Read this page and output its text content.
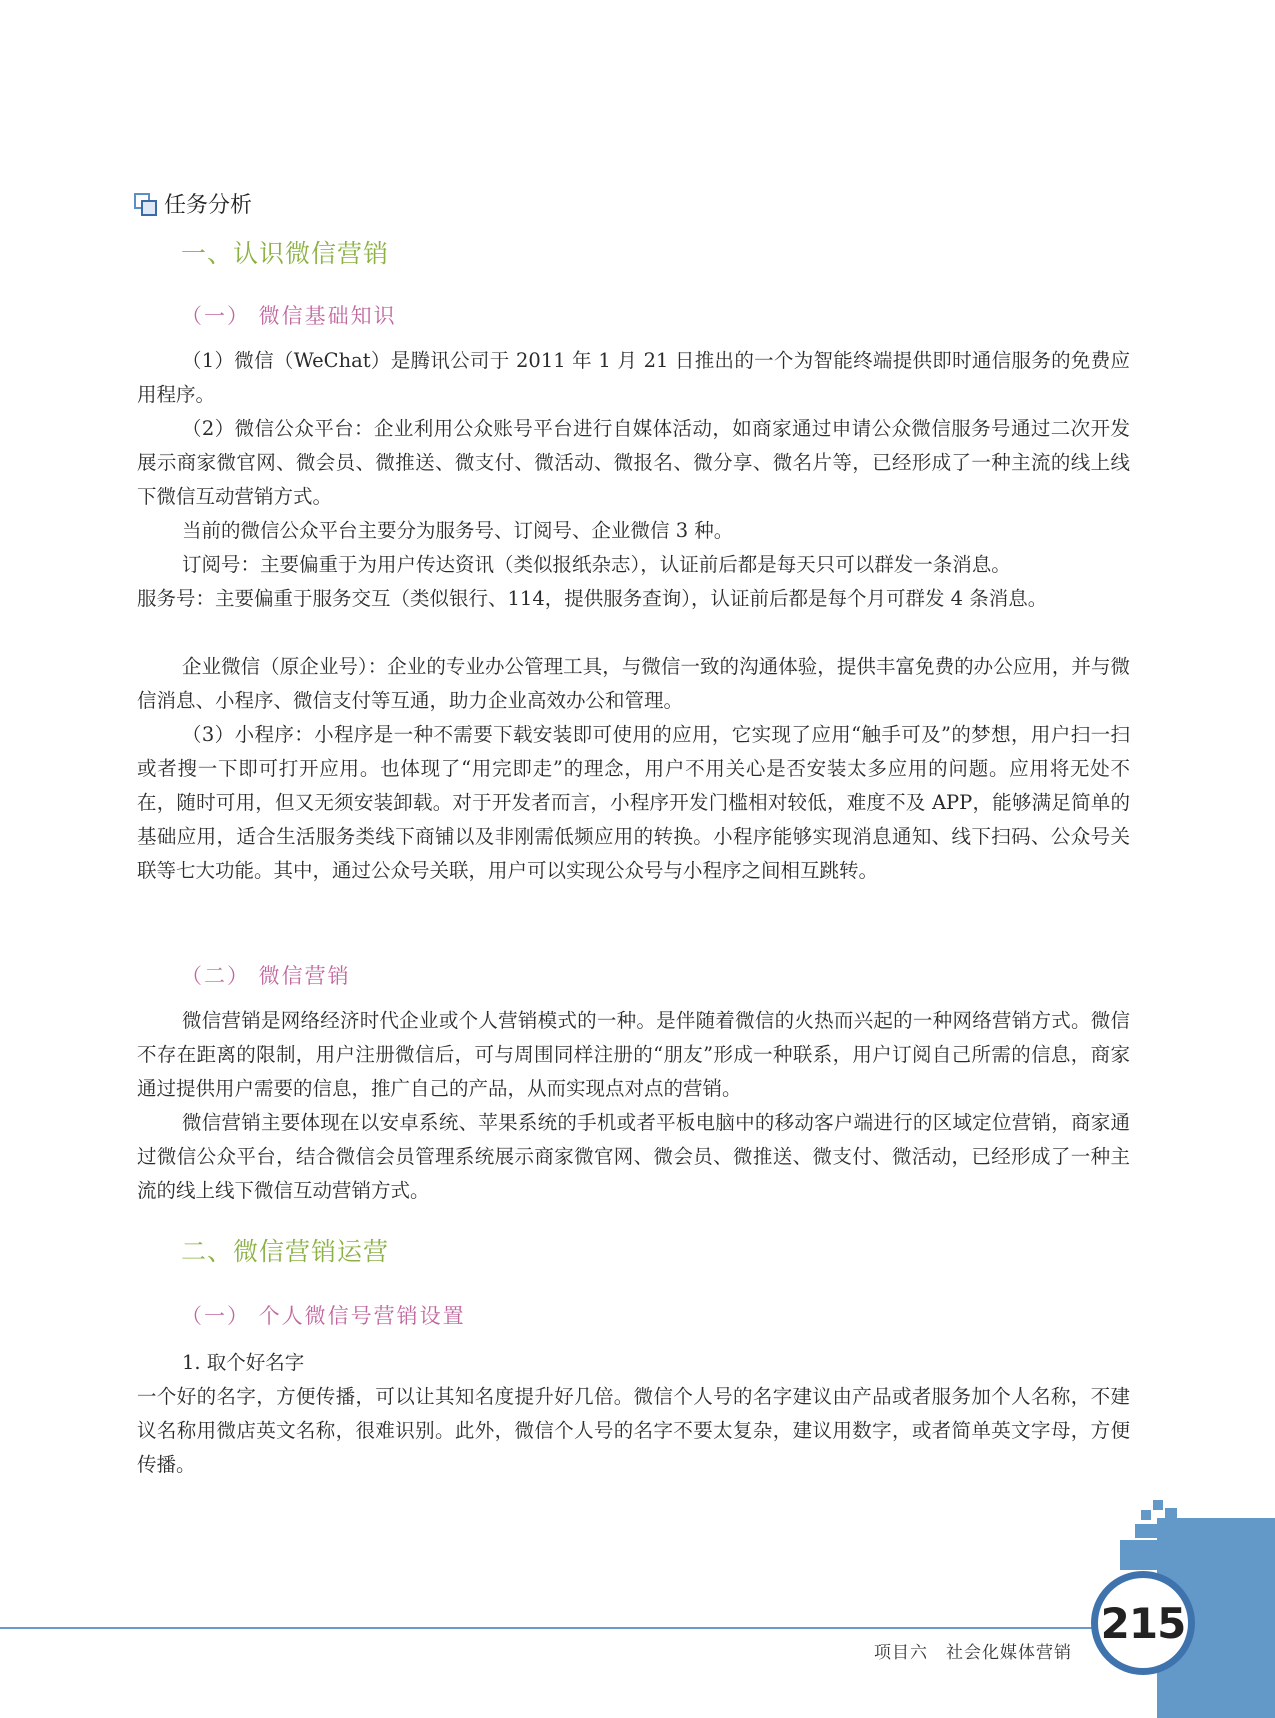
任务分析
一、认识微信营销
（一） 微信基础知识

（1）微信（WeChat）是腾讯公司于 2011 年 1 月 21 日推出的一个为智能终端提供即时通信服务的免费应用程序。

（2）微信公众平台：企业利用公众账号平台进行自媒体活动，如商家通过申请公众微信服务号通过二次开发展示商家微官网、微会员、微推送、微支付、微活动、微报名、微分享、微名片等，已经形成了一种主流的线上线下微信互动营销方式。

当前的微信公众平台主要分为服务号、订阅号、企业微信 3 种。

订阅号：主要偏重于为用户传达资讯（类似报纸杂志），认证前后都是每天只可以群发一条消息。

服务号：主要偏重于服务交互（类似银行、114，提供服务查询），认证前后都是每个月可群发 4 条消息。

企业微信（原企业号）：企业的专业办公管理工具，与微信一致的沟通体验，提供丰富免费的办公应用，并与微信消息、小程序、微信支付等互通，助力企业高效办公和管理。

（3）小程序：小程序是一种不需要下载安装即可使用的应用，它实现了应用“触手可及”的梦想，用户扫一扫或者搜一下即可打开应用。也体现了“用完即走”的理念，用户不用关心是否安装太多应用的问题。应用将无处不在，随时可用，但又无须安装卸载。对于开发者而言，小程序开发门槛相对较低，难度不及 APP，能够满足简单的基础应用，适合生活服务类线下商铺以及非刚需低频应用的转换。小程序能够实现消息通知、线下扫码、公众号关联等七大功能。其中，通过公众号关联，用户可以实现公众号与小程序之间相互跳转。

（二） 微信营销

微信营销是网络经济时代企业或个人营销模式的一种。是伴随着微信的火热而兴起的一种网络营销方式。微信不存在距离的限制，用户注册微信后，可与周围同样注册的“朋友”形成一种联系，用户订阅自己所需的信息，商家通过提供用户需要的信息，推广自己的产品，从而实现点对点的营销。

微信营销主要体现在以安卓系统、苹果系统的手机或者平板电脑中的移动客户端进行的区域定位营销，商家通过微信公众平台，结合微信会员管理系统展示商家微官网、微会员、微推送、微支付、微活动，已经形成了一种主流的线上线下微信互动营销方式。

二、微信营销运营
（一） 个人微信号营销设置

1. 取个好名字

一个好的名字，方便传播，可以让其知名度提升好几倍。微信个人号的名字建议由产品或者服务加个人名称，不建议名称用微店英文名称，很难识别。此外，微信个人号的名字不要太复杂，建议用数字，或者简单英文字母，方便传播。

项目六　社会化媒体营销
215
